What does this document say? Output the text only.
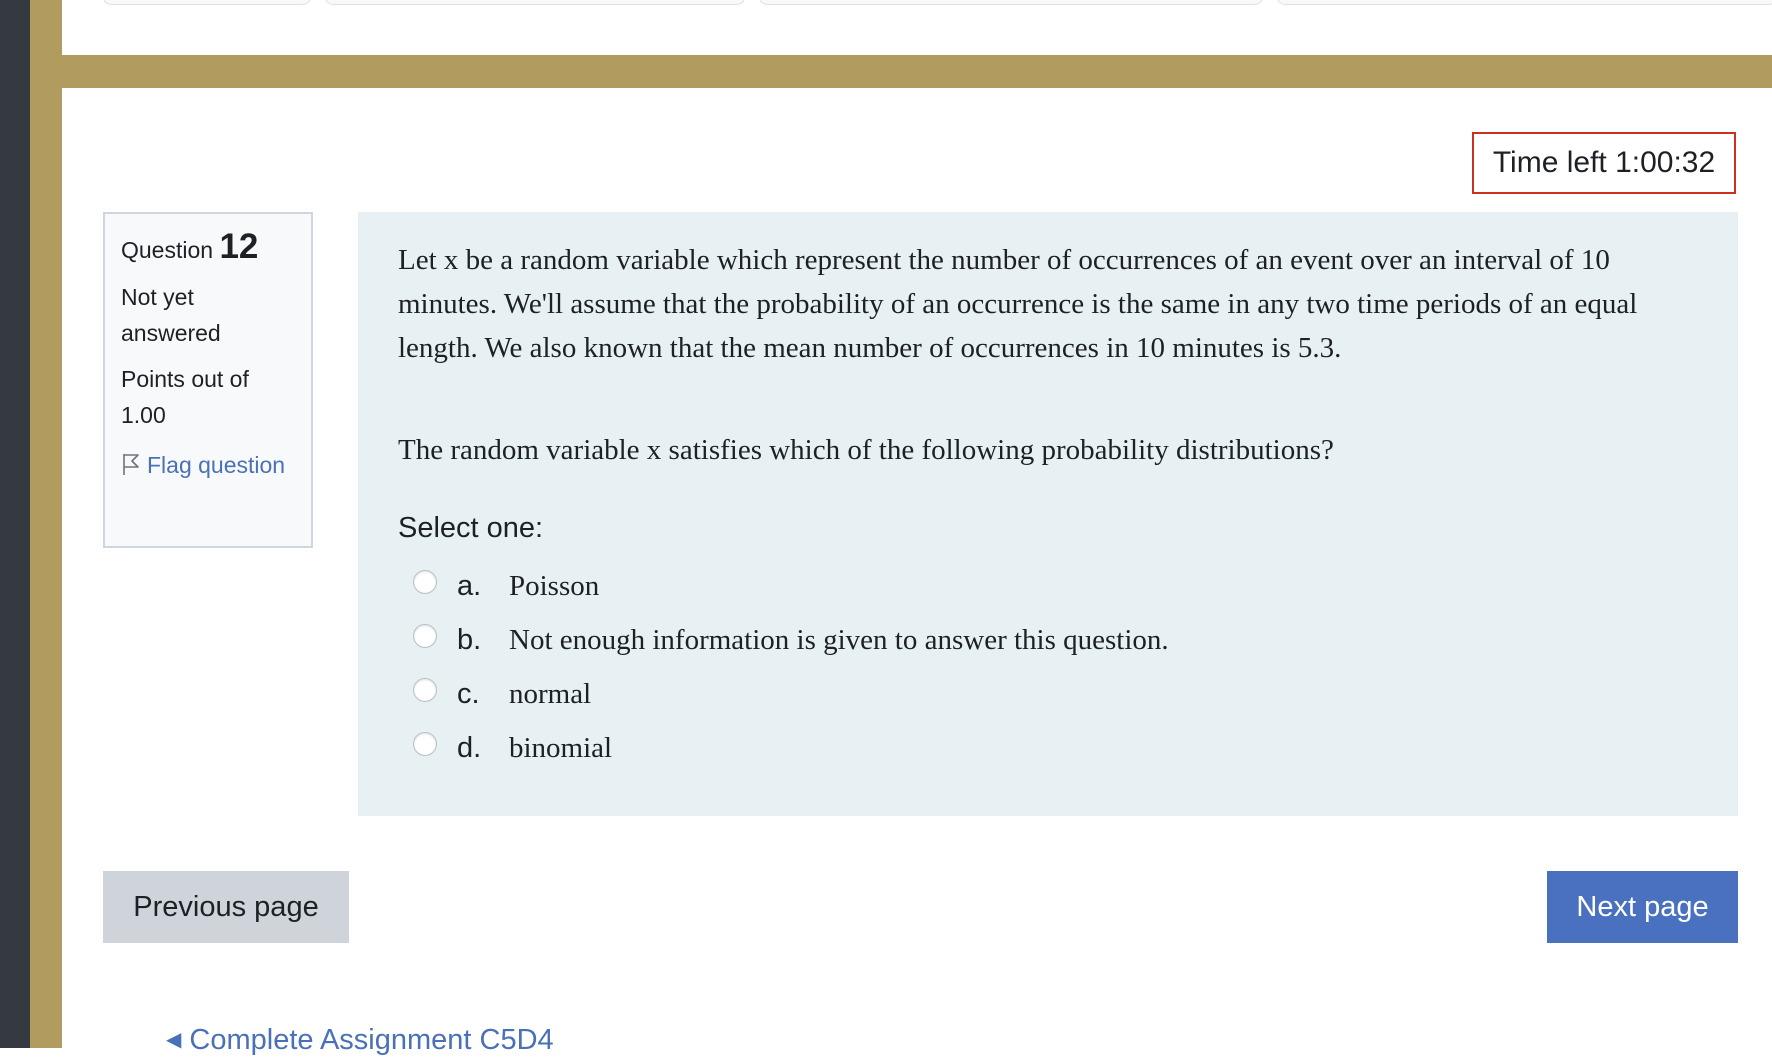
Time left 1:00:32
Question 12
Not yet answered
Points out of 1.00
Flag question

Let x be a random variable which represent the number of occurrences of an event over an interval of 10 minutes. We'll assume that the probability of an occurrence is the same in any two time periods of an equal length. We also known that the mean number of occurrences in 10 minutes is 5.3.

The random variable x satisfies which of the following probability distributions?

Select one:
a. Poisson
b. Not enough information is given to answer this question.
c.	normal
d. binomial
Previous page	Next page
◀ Complete Assignment C5D4
